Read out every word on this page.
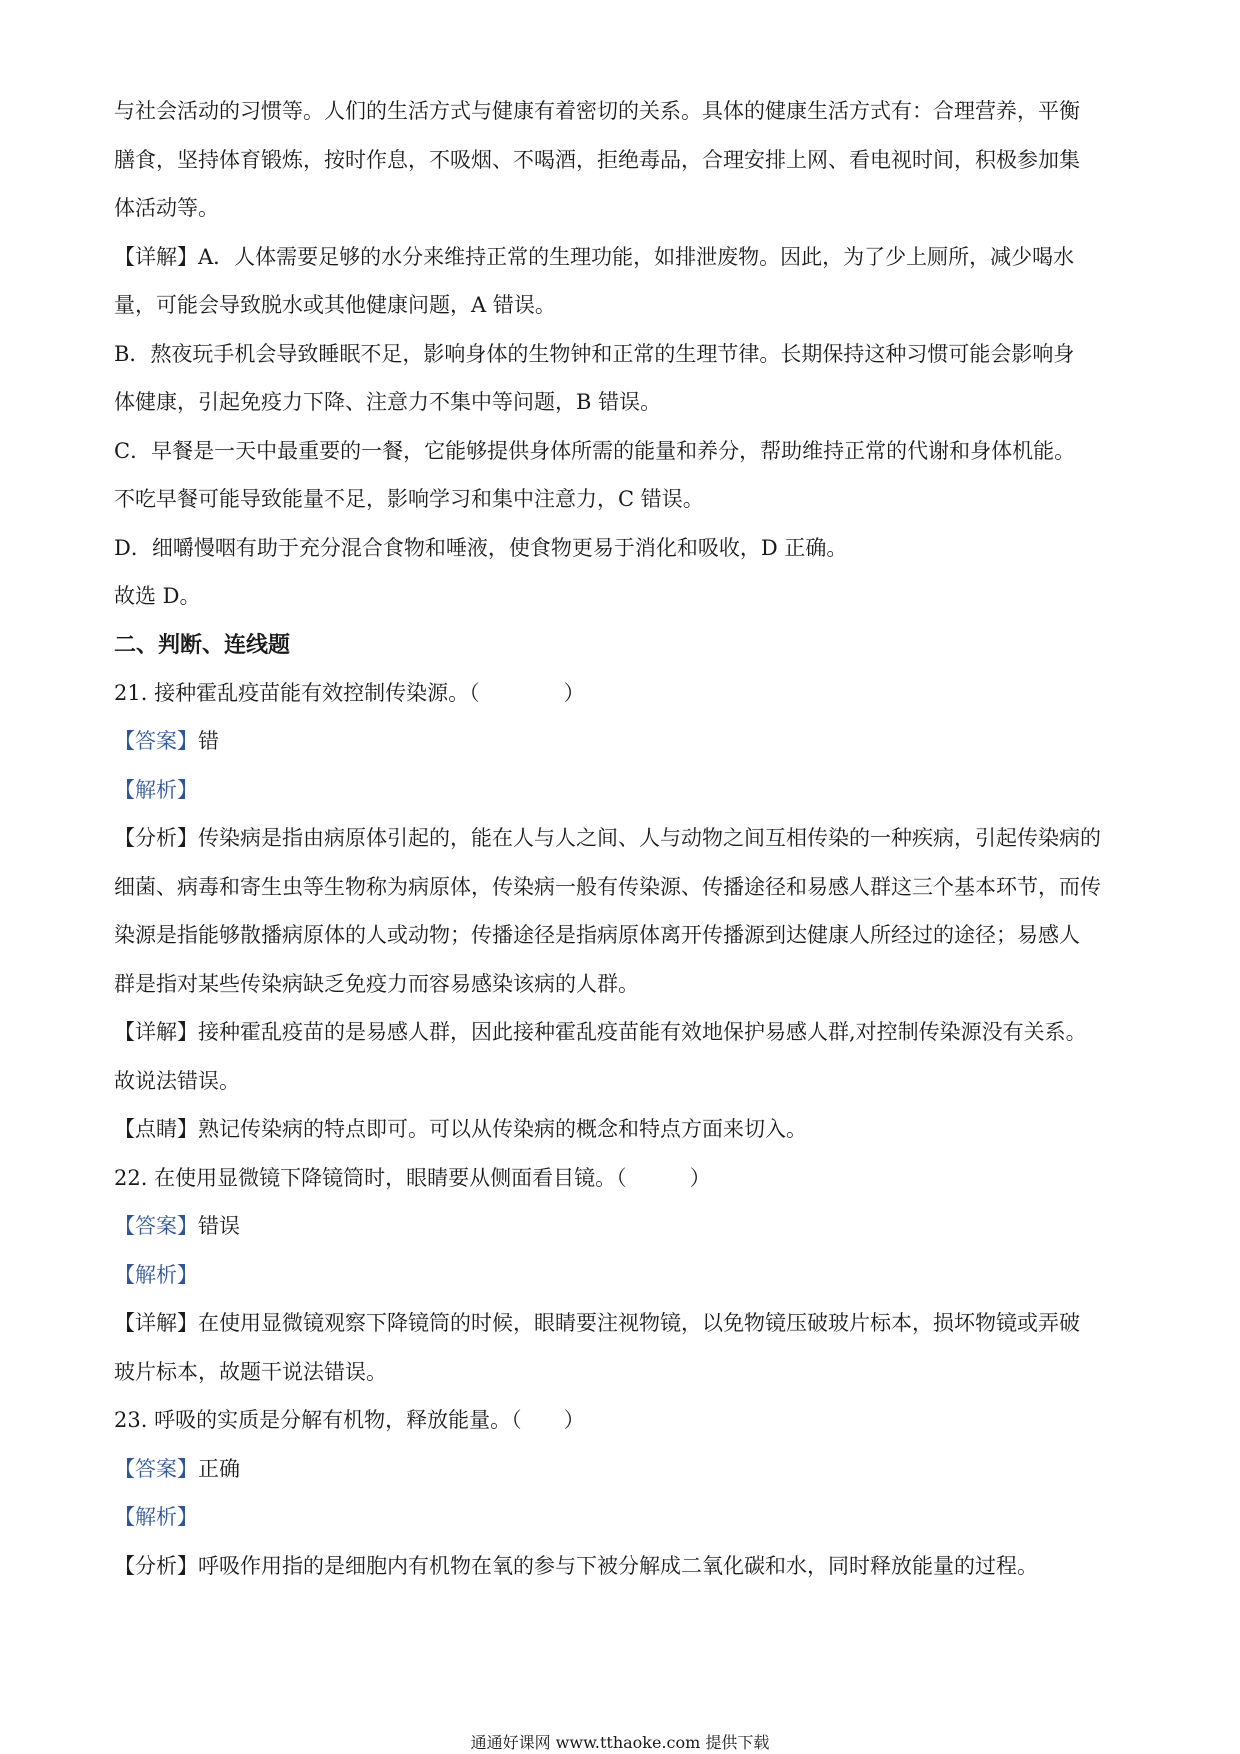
与社会活动的习惯等。人们的生活方式与健康有着密切的关系。具体的健康生活方式有：合理营养，平衡

膳食，坚持体育锻炼，按时作息，不吸烟、不喝酒，拒绝毒品，合理安排上网、看电视时间，积极参加集

体活动等。

【详解】A．人体需要足够的水分来维持正常的生理功能，如排泄废物。因此，为了少上厕所，减少喝水

量，可能会导致脱水或其他健康问题，A 错误。

B．熬夜玩手机会导致睡眠不足，影响身体的生物钟和正常的生理节律。长期保持这种习惯可能会影响身

体健康，引起免疫力下降、注意力不集中等问题，B 错误。

C．早餐是一天中最重要的一餐，它能够提供身体所需的能量和养分，帮助维持正常的代谢和身体机能。

不吃早餐可能导致能量不足，影响学习和集中注意力，C 错误。

D．细嚼慢咽有助于充分混合食物和唾液，使食物更易于消化和吸收，D 正确。

故选 D。

二、判断、连线题

21. 接种霍乱疫苗能有效控制传染源。（　　　　）

【答案】错

【解析】

【分析】传染病是指由病原体引起的，能在人与人之间、人与动物之间互相传染的一种疾病，引起传染病的

细菌、病毒和寄生虫等生物称为病原体，传染病一般有传染源、传播途径和易感人群这三个基本环节，而传

染源是指能够散播病原体的人或动物；传播途径是指病原体离开传播源到达健康人所经过的途径；易感人

群是指对某些传染病缺乏免疫力而容易感染该病的人群。

【详解】接种霍乱疫苗的是易感人群，因此接种霍乱疫苗能有效地保护易感人群,对控制传染源没有关系。

故说法错误。

【点睛】熟记传染病的特点即可。可以从传染病的概念和特点方面来切入。

22. 在使用显微镜下降镜筒时，眼睛要从侧面看目镜。（　　　）

【答案】错误

【解析】

【详解】在使用显微镜观察下降镜筒的时候，眼睛要注视物镜，以免物镜压破玻片标本，损坏物镜或弄破

玻片标本，故题干说法错误。

23. 呼吸的实质是分解有机物，释放能量。（　　）

【答案】正确

【解析】

【分析】呼吸作用指的是细胞内有机物在氧的参与下被分解成二氧化碳和水，同时释放能量的过程。

通通好课网 www.tthaoke.com 提供下载
